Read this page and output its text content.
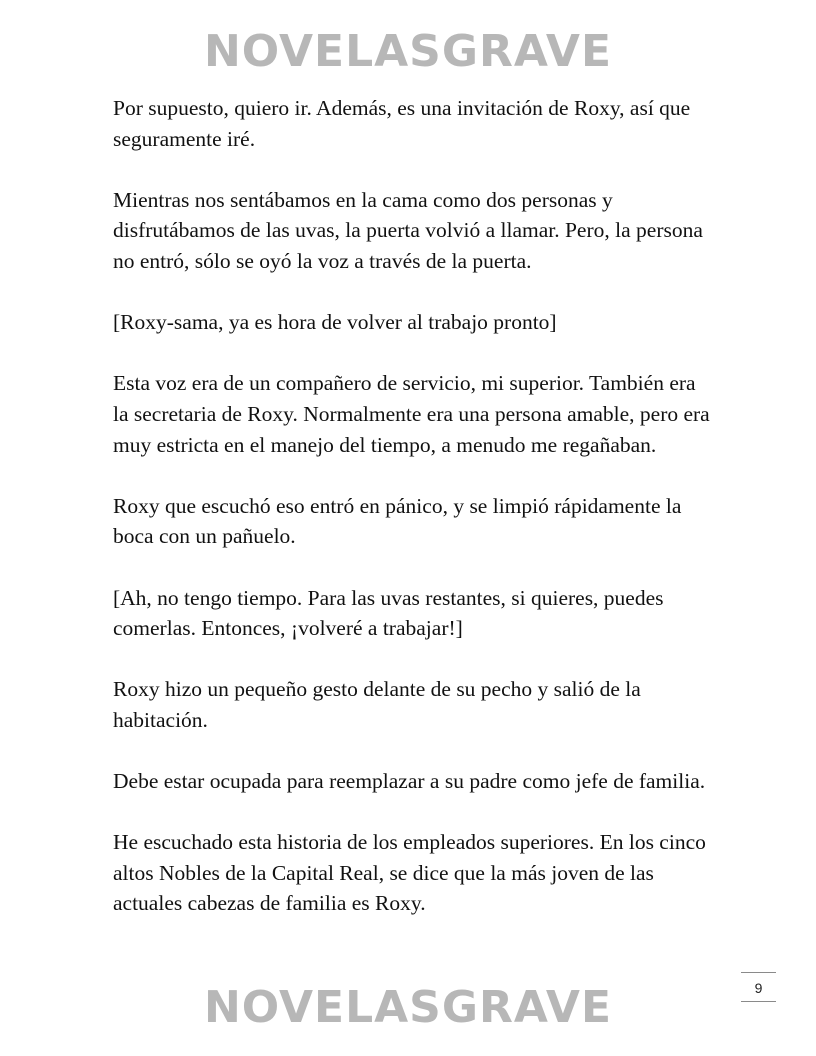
NOVELASGRAVE

Por supuesto, quiero ir. Además, es una invitación de Roxy, así que seguramente iré.

Mientras nos sentábamos en la cama como dos personas y disfrutábamos de las uvas, la puerta volvió a llamar. Pero, la persona no entró, sólo se oyó la voz a través de la puerta.

[Roxy-sama, ya es hora de volver al trabajo pronto]

Esta voz era de un compañero de servicio, mi superior. También era la secretaria de Roxy. Normalmente era una persona amable, pero era muy estricta en el manejo del tiempo, a menudo me regañaban.

Roxy que escuchó eso entró en pánico, y se limpió rápidamente la boca con un pañuelo.

[Ah, no tengo tiempo. Para las uvas restantes, si quieres, puedes comerlas. Entonces, ¡volveré a trabajar!]

Roxy hizo un pequeño gesto delante de su pecho y salió de la habitación.

Debe estar ocupada para reemplazar a su padre como jefe de familia.

He escuchado esta historia de los empleados superiores. En los cinco altos Nobles de la Capital Real, se dice que la más joven de las actuales cabezas de familia es Roxy.

9
NOVELASGRAVE
